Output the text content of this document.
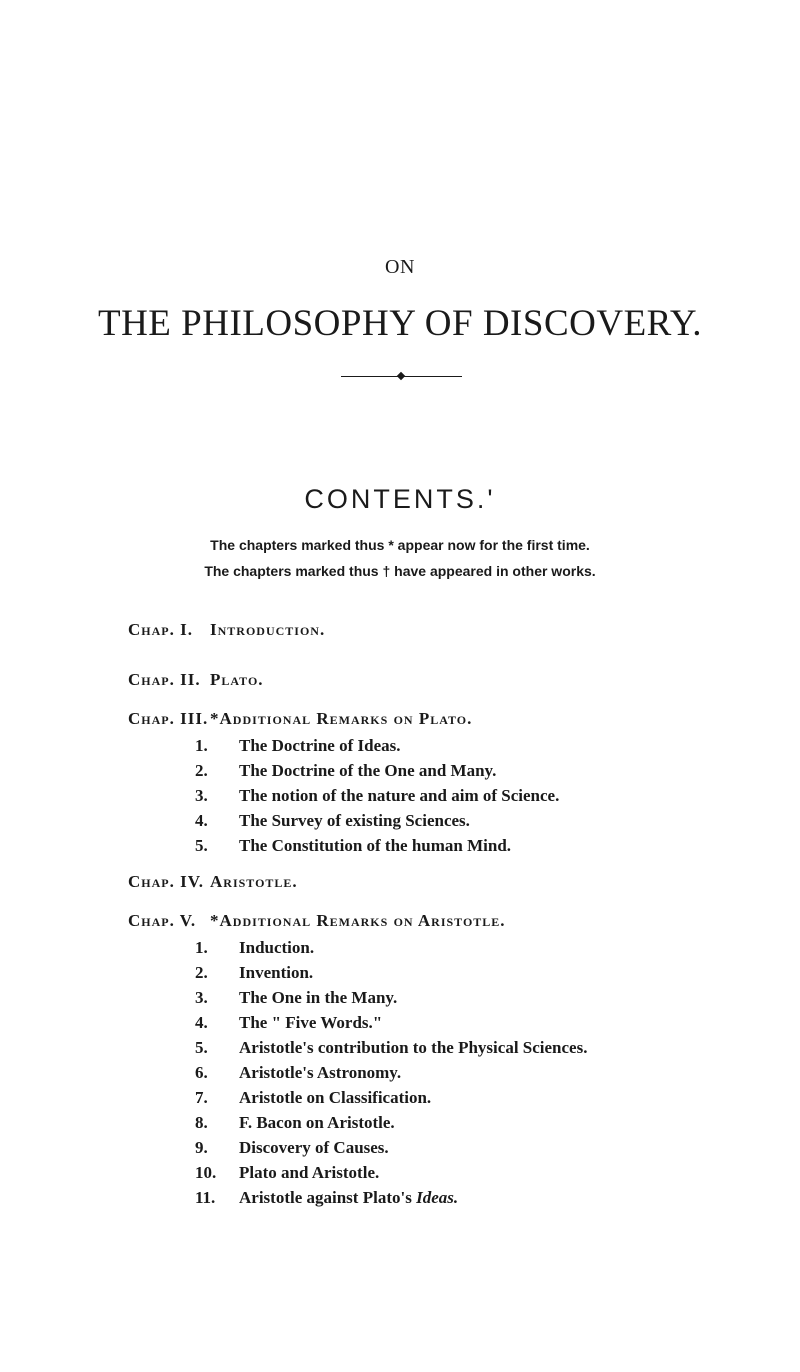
ON
THE PHILOSOPHY OF DISCOVERY.
CONTENTS.'
The chapters marked thus * appear now for the first time.
The chapters marked thus † have appeared in other works.
Chap. I. Introduction.
Chap. II. Plato.
Chap. III. *Additional Remarks on Plato.
1. The Doctrine of Ideas.
2. The Doctrine of the One and Many.
3. The notion of the nature and aim of Science.
4. The Survey of existing Sciences.
5. The Constitution of the human Mind.
Chap. IV. Aristotle.
Chap. V. *Additional Remarks on Aristotle.
1. Induction.
2. Invention.
3. The One in the Many.
4. The " Five Words."
5. Aristotle's contribution to the Physical Sciences.
6. Aristotle's Astronomy.
7. Aristotle on Classification.
8. F. Bacon on Aristotle.
9. Discovery of Causes.
10. Plato and Aristotle.
11. Aristotle against Plato's Ideas.
